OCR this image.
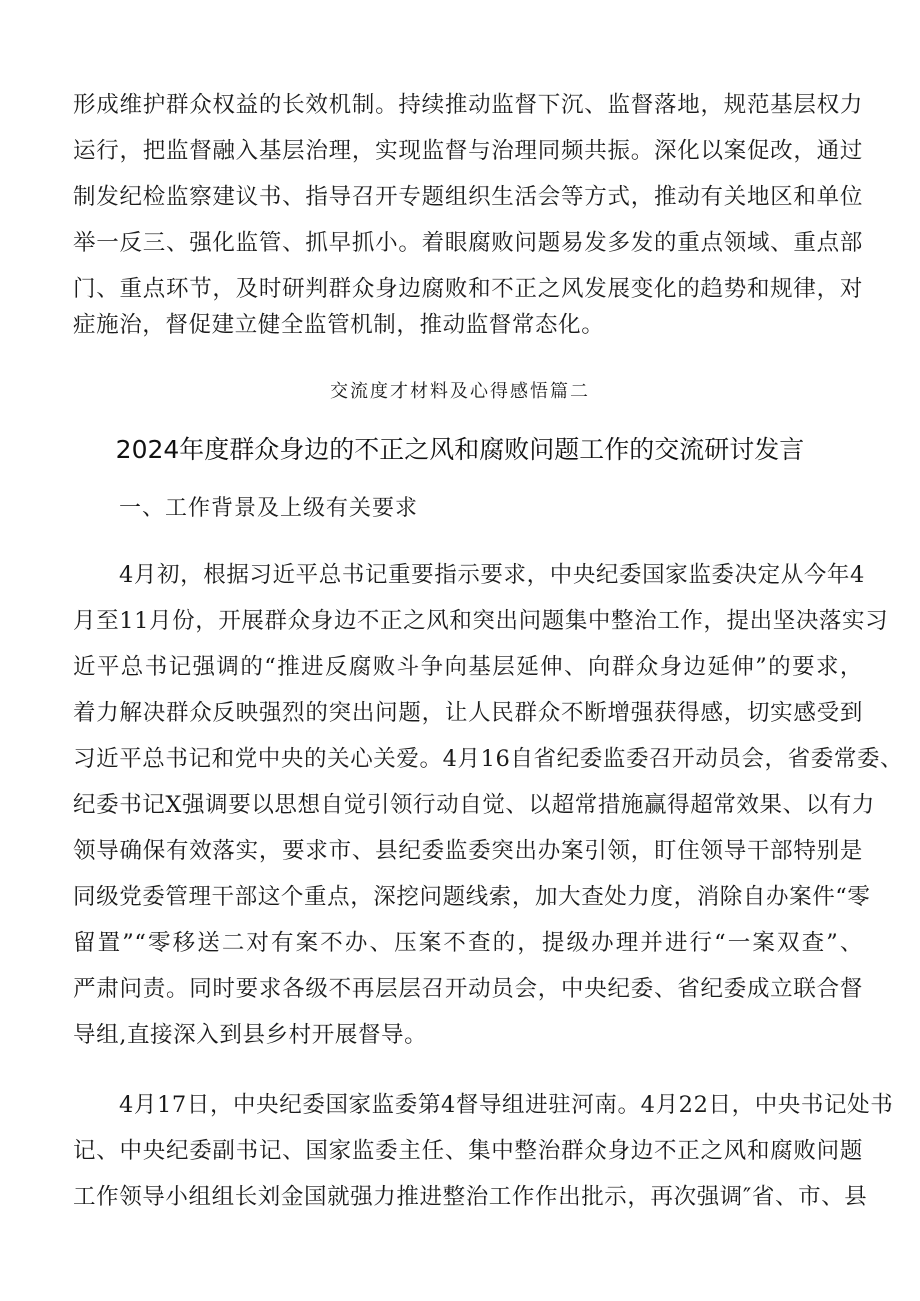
形成维护群众权益的长效机制。持续推动监督下沉、监督落地，规范基层权力
运行，把监督融入基层治理，实现监督与治理同频共振。深化以案促改，通过
制发纪检监察建议书、指导召开专题组织生活会等方式，推动有关地区和单位
举一反三、强化监管、抓早抓小。着眼腐败问题易发多发的重点领域、重点部
门、重点环节，及时研判群众身边腐败和不正之风发展变化的趋势和规律，对
症施治，督促建立健全监管机制，推动监督常态化。
交流度才材料及心得感悟篇二
2024年度群众身边的不正之风和腐败问题工作的交流研讨发言
一、工作背景及上级有关要求
4月初，根据习近平总书记重要指示要求，中央纪委国家监委决定从今年4
月至11月份，开展群众身边不正之风和突出问题集中整治工作，提出坚决落实习
近平总书记强调的“推进反腐败斗争向基层延伸、向群众身边延伸”的要求，
着力解决群众反映强烈的突出问题，让人民群众不断增强获得感，切实感受到
习近平总书记和党中央的关心关爱。4月16自省纪委监委召开动员会，省委常委、
纪委书记X强调要以思想自觉引领行动自觉、以超常措施赢得超常效果、以有力
领导确保有效落实，要求市、县纪委监委突出办案引领，盯住领导干部特别是
同级党委管理干部这个重点，深挖问题线索，加大查处力度，消除自办案件“零
留置”“零移送二对有案不办、压案不查的，提级办理并进行“一案双查”、
严肃问责。同时要求各级不再层层召开动员会，中央纪委、省纪委成立联合督
导组,直接深入到县乡村开展督导。
4月17日，中央纪委国家监委第4督导组进驻河南。4月22日，中央书记处书
记、中央纪委副书记、国家监委主任、集中整治群众身边不正之风和腐败问题
工作领导小组组长刘金国就强力推进整治工作作出批示，再次强调″省、市、县
